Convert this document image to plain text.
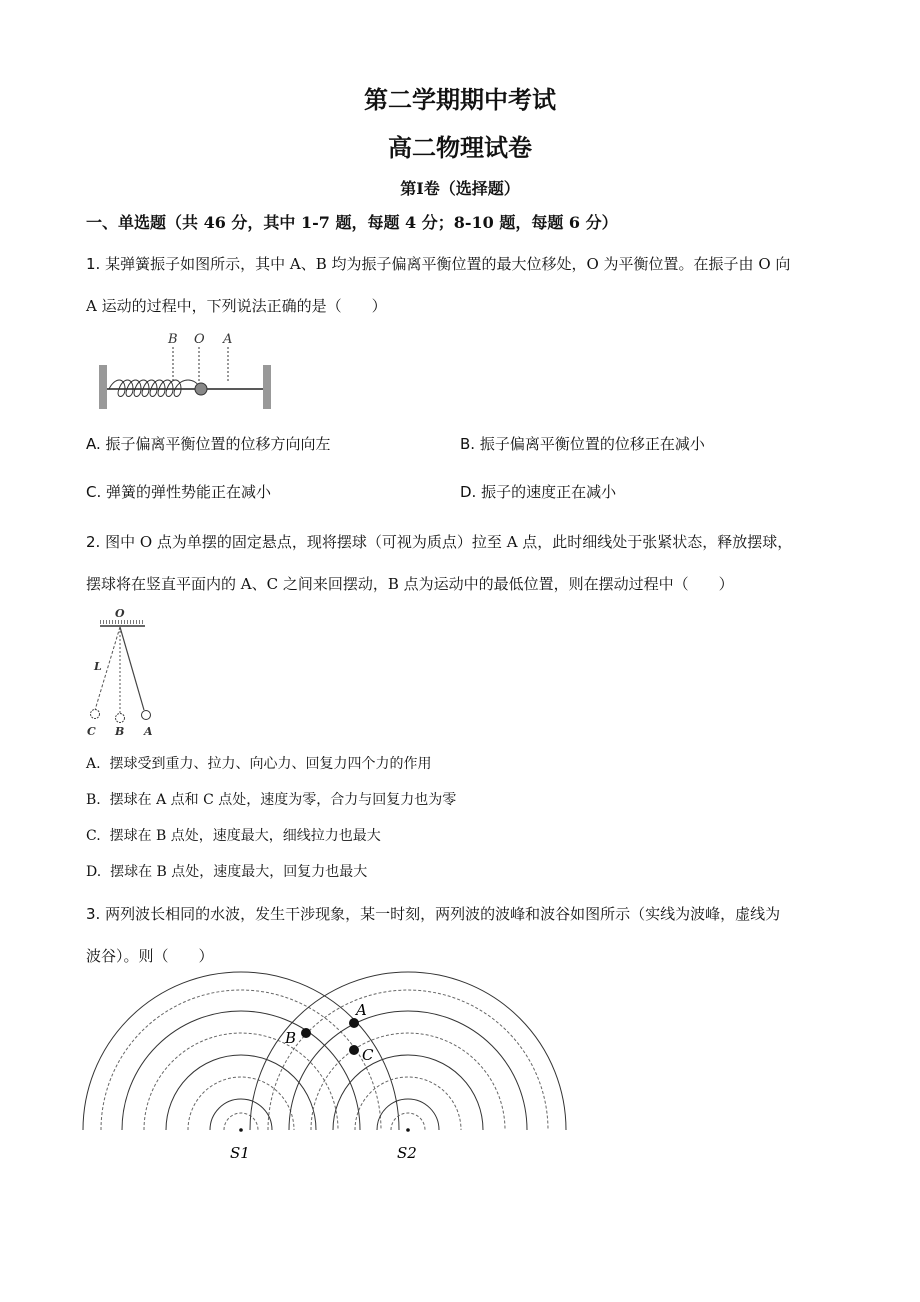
第二学期期中考试
高二物理试卷
第Ⅰ卷（选择题）
一、单选题（共 46 分，其中 1-7 题，每题 4 分；8-10 题，每题 6 分）
1. 某弹簧振子如图所示，其中 A、B 均为振子偏离平衡位置的最大位移处，O 为平衡位置。在振子由 O 向
A 运动的过程中，下列说法正确的是（　　）
B O A
A. 振子偏离平衡位置的位移方向向左	B. 振子偏离平衡位置的位移正在减小
C. 弹簧的弹性势能正在减小	D. 振子的速度正在减小
2. 图中 O 点为单摆的固定悬点，现将摆球（可视为质点）拉至 A 点，此时细线处于张紧状态，释放摆球，
摆球将在竖直平面内的 A、C 之间来回摆动，B 点为运动中的最低位置，则在摆动过程中（　　）
O
L
C B A
A. 摆球受到重力、拉力、向心力、回复力四个力的作用
B. 摆球在 A 点和 C 点处，速度为零，合力与回复力也为零
C. 摆球在 B 点处，速度最大，细线拉力也最大
D. 摆球在 B 点处，速度最大，回复力也最大
3. 两列波长相同的水波，发生干涉现象，某一时刻，两列波的波峰和波谷如图所示（实线为波峰，虚线为
波谷）。则（　　）
A
B
C
S1	S2
